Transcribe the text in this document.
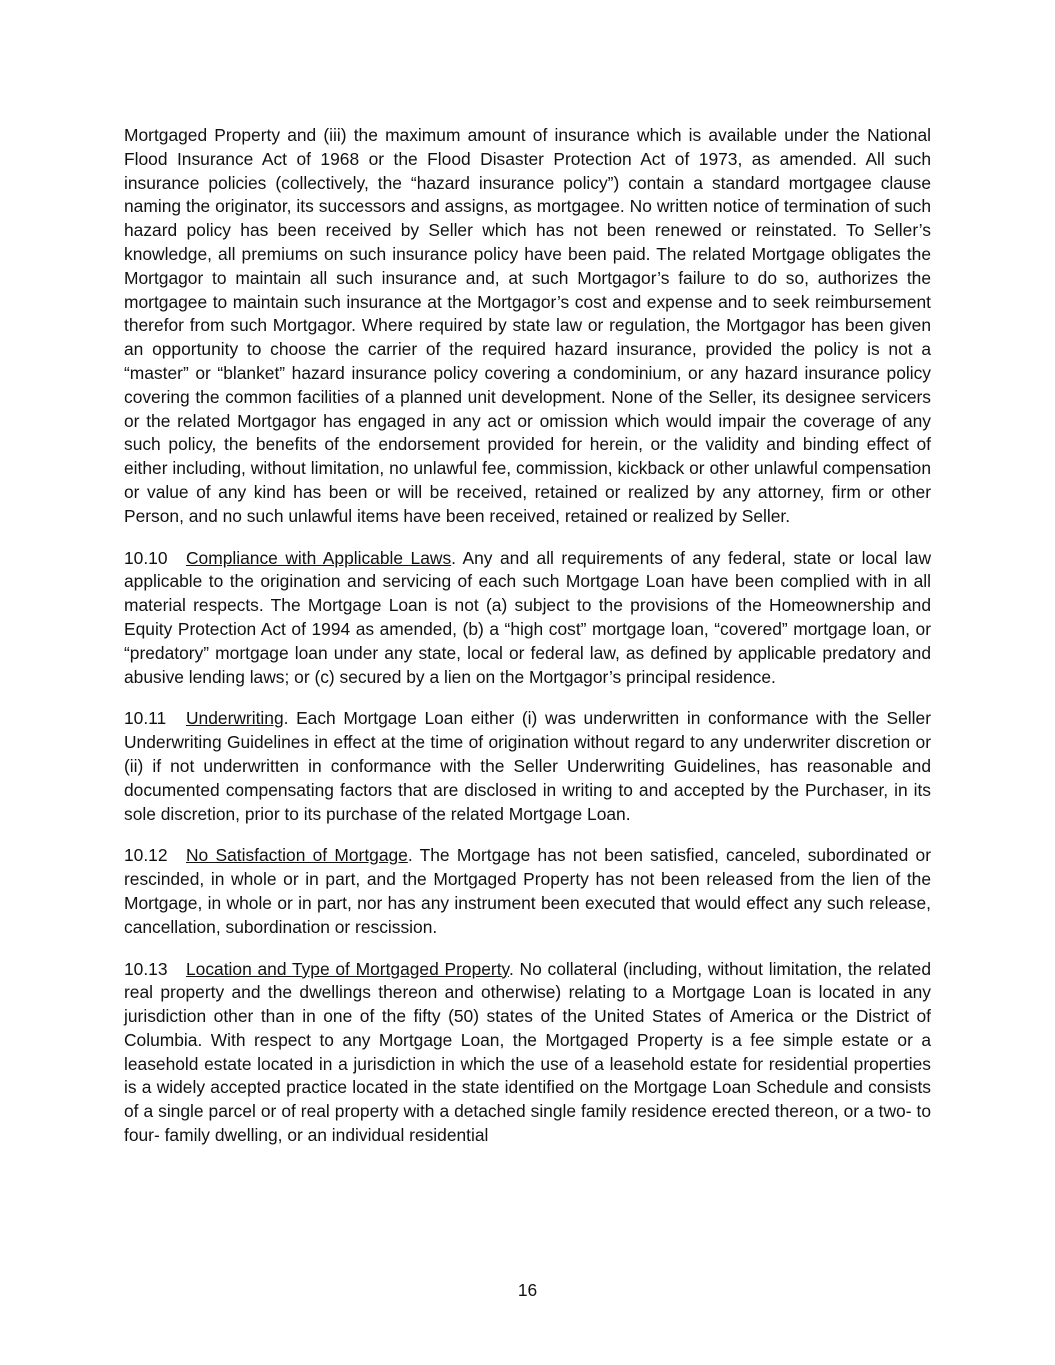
Mortgaged Property and (iii) the maximum amount of insurance which is available under the National Flood Insurance Act of 1968 or the Flood Disaster Protection Act of 1973, as amended. All such insurance policies (collectively, the “hazard insurance policy”) contain a standard mortgagee clause naming the originator, its successors and assigns, as mortgagee. No written notice of termination of such hazard policy has been received by Seller which has not been renewed or reinstated. To Seller’s knowledge, all premiums on such insurance policy have been paid. The related Mortgage obligates the Mortgagor to maintain all such insurance and, at such Mortgagor’s failure to do so, authorizes the mortgagee to maintain such insurance at the Mortgagor’s cost and expense and to seek reimbursement therefor from such Mortgagor. Where required by state law or regulation, the Mortgagor has been given an opportunity to choose the carrier of the required hazard insurance, provided the policy is not a “master” or “blanket” hazard insurance policy covering a condominium, or any hazard insurance policy covering the common facilities of a planned unit development. None of the Seller, its designee servicers or the related Mortgagor has engaged in any act or omission which would impair the coverage of any such policy, the benefits of the endorsement provided for herein, or the validity and binding effect of either including, without limitation, no unlawful fee, commission, kickback or other unlawful compensation or value of any kind has been or will be received, retained or realized by any attorney, firm or other Person, and no such unlawful items have been received, retained or realized by Seller.

10.10 Compliance with Applicable Laws. Any and all requirements of any federal, state or local law applicable to the origination and servicing of each such Mortgage Loan have been complied with in all material respects. The Mortgage Loan is not (a) subject to the provisions of the Homeownership and Equity Protection Act of 1994 as amended, (b) a “high cost” mortgage loan, “covered” mortgage loan, or “predatory” mortgage loan under any state, local or federal law, as defined by applicable predatory and abusive lending laws; or (c) secured by a lien on the Mortgagor’s principal residence.

10.11 Underwriting. Each Mortgage Loan either (i) was underwritten in conformance with the Seller Underwriting Guidelines in effect at the time of origination without regard to any underwriter discretion or (ii) if not underwritten in conformance with the Seller Underwriting Guidelines, has reasonable and documented compensating factors that are disclosed in writing to and accepted by the Purchaser, in its sole discretion, prior to its purchase of the related Mortgage Loan.

10.12 No Satisfaction of Mortgage. The Mortgage has not been satisfied, canceled, subordinated or rescinded, in whole or in part, and the Mortgaged Property has not been released from the lien of the Mortgage, in whole or in part, nor has any instrument been executed that would effect any such release, cancellation, subordination or rescission.

10.13 Location and Type of Mortgaged Property. No collateral (including, without limitation, the related real property and the dwellings thereon and otherwise) relating to a Mortgage Loan is located in any jurisdiction other than in one of the fifty (50) states of the United States of America or the District of Columbia. With respect to any Mortgage Loan, the Mortgaged Property is a fee simple estate or a leasehold estate located in a jurisdiction in which the use of a leasehold estate for residential properties is a widely accepted practice located in the state identified on the Mortgage Loan Schedule and consists of a single parcel or of real property with a detached single family residence erected thereon, or a two- to four- family dwelling, or an individual residential

16
